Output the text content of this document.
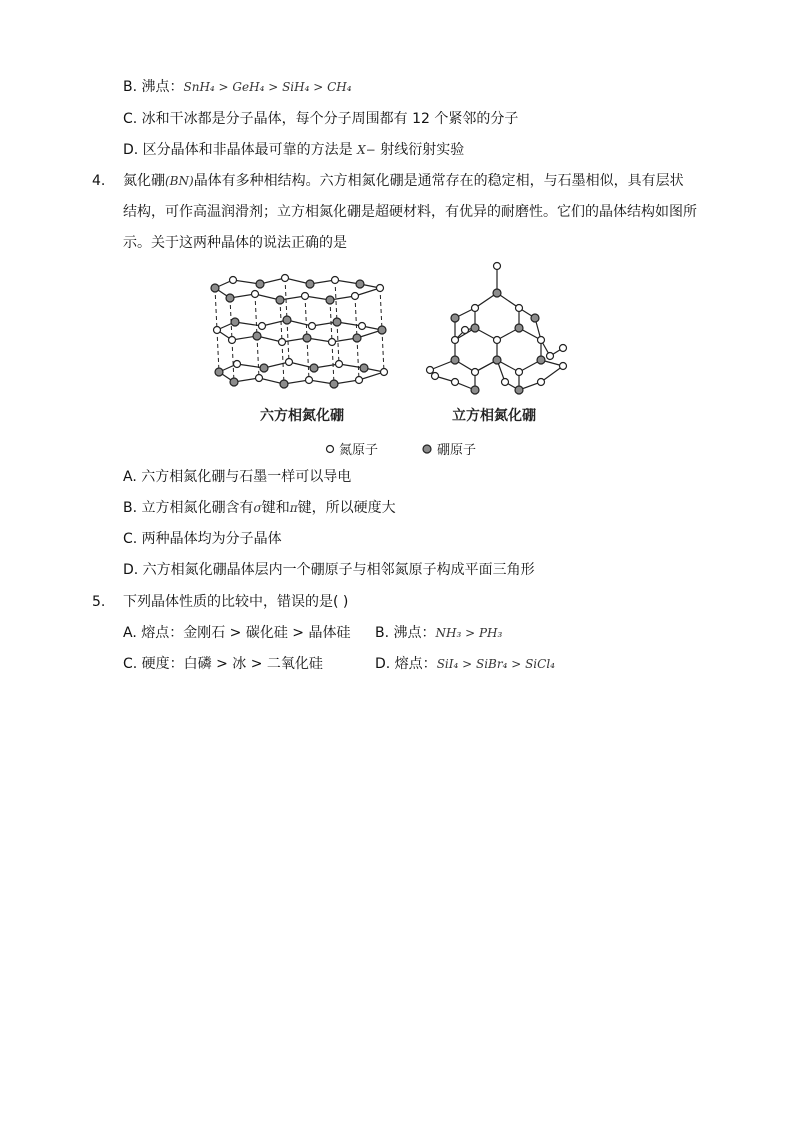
B. 沸点：SnH₄ > GeH₄ > SiH₄ > CH₄
C. 冰和干冰都是分子晶体，每个分子周围都有 12 个紧邻的分子
D. 区分晶体和非晶体最可靠的方法是 X− 射线衍射实验
4. 氮化硼(BN)晶体有多种相结构。六方相氮化硼是通常存在的稳定相，与石墨相似，具有层状
结构，可作高温润滑剂；立方相氮化硼是超硬材料，有优异的耐磨性。它们的晶体结构如图所
示。关于这两种晶体的说法正确的是
六方相氮化硼	立方相氮化硼
氮原子	硼原子
A. 六方相氮化硼与石墨一样可以导电
B. 立方相氮化硼含有σ键和π键，所以硬度大
C. 两种晶体均为分子晶体
D. 六方相氮化硼晶体层内一个硼原子与相邻氮原子构成平面三角形
5. 下列晶体性质的比较中，错误的是( )
A. 熔点：金刚石 > 碳化硅 > 晶体硅 B. 沸点：NH₃ > PH₃
C. 硬度：白磷 > 冰 > 二氧化硅	D. 熔点：SiI₄ > SiBr₄ > SiCl₄
